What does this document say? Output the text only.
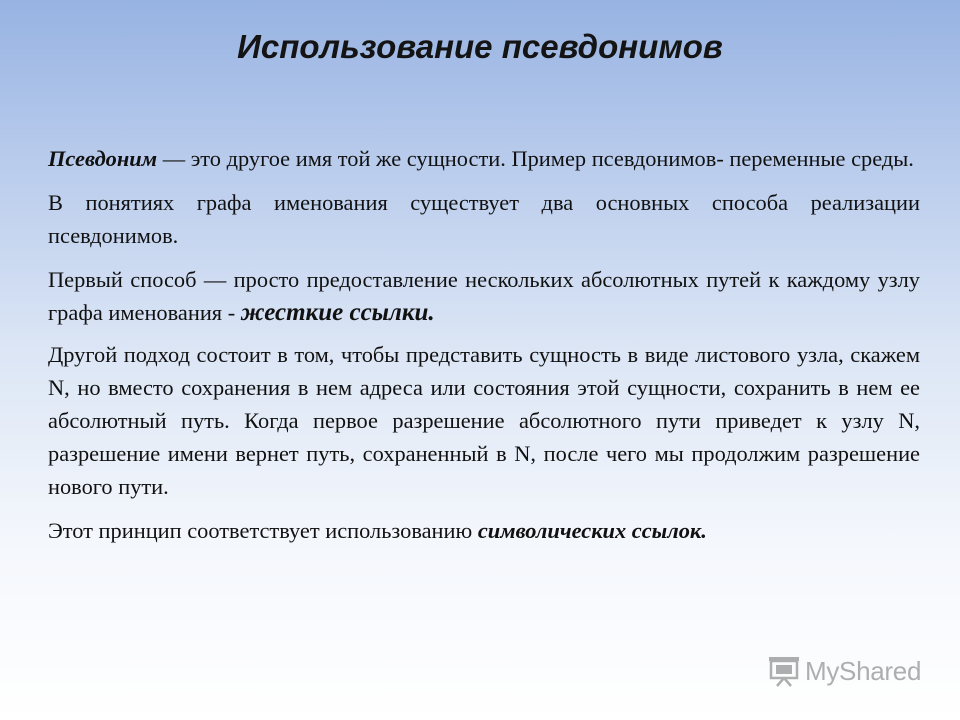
Использование псевдонимов

Псевдоним — это другое имя той же сущности. Пример псевдонимов- переменные среды.

В понятиях графа именования существует два основных способа реализации псевдонимов.

Первый способ — просто предоставление нескольких абсолютных путей к каждому узлу графа именования - жесткие ссылки.

Другой подход состоит в том, чтобы представить сущность в виде листового узла, скажем N, но вместо сохранения в нем адреса или состояния этой сущности, сохранить в нем ее абсолютный путь. Когда первое разрешение абсолютного пути приведет к узлу N, разрешение имени вернет путь, сохраненный в N, после чего мы продолжим разрешение нового пути.

Этот принцип соответствует использованию символических ссылок.

MyShared
